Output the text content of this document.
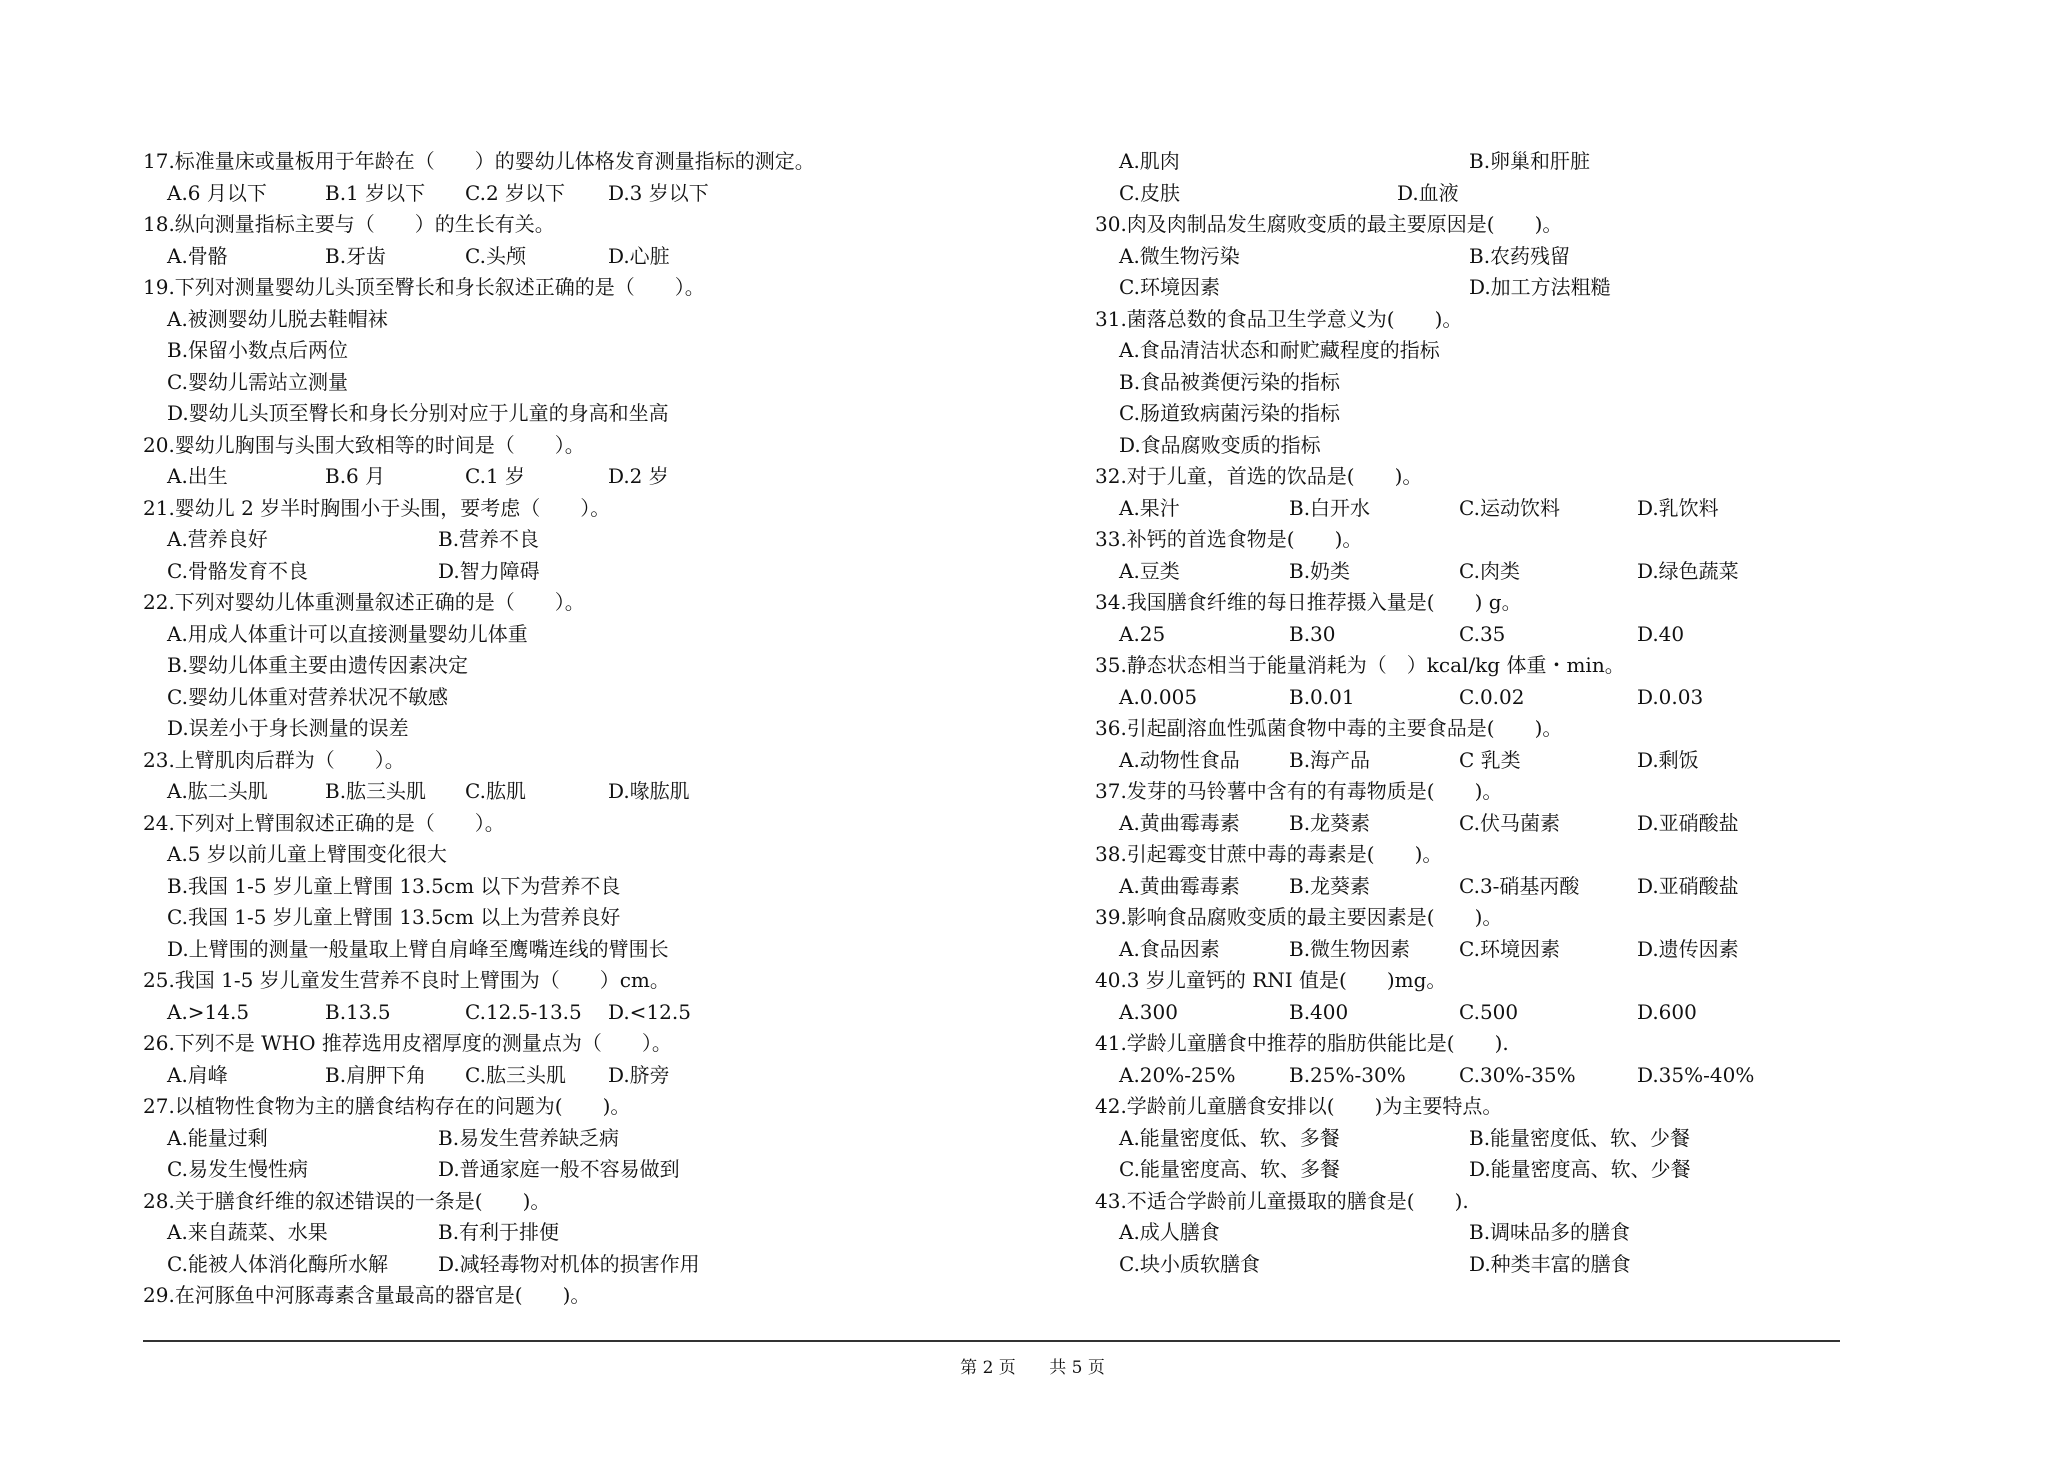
17.标准量床或量板用于年龄在（　　）的婴幼儿体格发育测量指标的测定。
A.6 月以下	B.1 岁以下 C.2 岁以下 D.3 岁以下
18.纵向测量指标主要与（　　）的生长有关。
A.骨骼	B.牙齿	C.头颅	D.心脏
19.下列对测量婴幼儿头顶至臀长和身长叙述正确的是（　　）。
A.被测婴幼儿脱去鞋帽袜
B.保留小数点后两位
C.婴幼儿需站立测量
D.婴幼儿头顶至臀长和身长分别对应于儿童的身高和坐高
20.婴幼儿胸围与头围大致相等的时间是（　　）。
A.出生	B.6 月	C.1 岁	D.2 岁
21.婴幼儿 2 岁半时胸围小于头围，要考虑（　　）。
A.营养良好	B.营养不良
C.骨骼发育不良	D.智力障碍
22.下列对婴幼儿体重测量叙述正确的是（　　）。
A.用成人体重计可以直接测量婴幼儿体重
B.婴幼儿体重主要由遗传因素决定
C.婴幼儿体重对营养状况不敏感
D.误差小于身长测量的误差
23.上臂肌肉后群为（　　）。
A.肱二头肌	B.肱三头肌 C.肱肌	D.喙肱肌
24.下列对上臂围叙述正确的是（　　）。
A.5 岁以前儿童上臂围变化很大
B.我国 1-5 岁儿童上臂围 13.5cm 以下为营养不良
C.我国 1-5 岁儿童上臂围 13.5cm 以上为营养良好
D.上臂围的测量一般量取上臂自肩峰至鹰嘴连线的臂围长
25.我国 1-5 岁儿童发生营养不良时上臂围为（　　）cm。
A.>14.5	B.13.5	C.12.5-13.5 D.<12.5
26.下列不是 WHO 推荐选用皮褶厚度的测量点为（　　）。
A.肩峰	B.肩胛下角 C.肱三头肌 D.脐旁
27.以植物性食物为主的膳食结构存在的问题为(　　)。
A.能量过剩	B.易发生营养缺乏病
C.易发生慢性病	D.普通家庭一般不容易做到
28.关于膳食纤维的叙述错误的一条是(　　)。
A.来自蔬菜、水果	B.有利于排便
C.能被人体消化酶所水解	D.减轻毒物对机体的损害作用
29.在河豚鱼中河豚毒素含量最高的器官是(　　)。
A.肌肉	B.卵巢和肝脏
C.皮肤	D.血液
30.肉及肉制品发生腐败变质的最主要原因是(　　)。
A.微生物污染	B.农药残留
C.环境因素	D.加工方法粗糙
31.菌落总数的食品卫生学意义为(　　)。
A.食品清洁状态和耐贮藏程度的指标
B.食品被粪便污染的指标
C.肠道致病菌污染的指标
D.食品腐败变质的指标
32.对于儿童，首选的饮品是(　　)。
A.果汁	B.白开水	C.运动饮料	D.乳饮料
33.补钙的首选食物是(　　)。
A.豆类	B.奶类	C.肉类	D.绿色蔬菜
34.我国膳食纤维的每日推荐摄入量是(　　) g。
A.25	B.30	C.35	D.40
35.静态状态相当于能量消耗为（　）kcal/kg 体重・min。
A.0.005	B.0.01	C.0.02	D.0.03
36.引起副溶血性弧菌食物中毒的主要食品是(　　)。
A.动物性食品 B.海产品	C 乳类	D.剩饭
37.发芽的马铃薯中含有的有毒物质是(　　)。
A.黄曲霉毒素 B.龙葵素	C.伏马菌素	D.亚硝酸盐
38.引起霉变甘蔗中毒的毒素是(　　)。
A.黄曲霉毒素 B.龙葵素	C.3-硝基丙酸	D.亚硝酸盐
39.影响食品腐败变质的最主要因素是(　　)。
A.食品因素	B.微生物因素 C.环境因素	D.遗传因素
40.3 岁儿童钙的 RNI 值是(　　)mg。
A.300	B.400	C.500	D.600
41.学龄儿童膳食中推荐的脂肪供能比是(　　).
A.20%-25%	B.25%-30%	C.30%-35%	D.35%-40%
42.学龄前儿童膳食安排以(　　)为主要特点。
A.能量密度低、软、多餐	B.能量密度低、软、少餐
C.能量密度高、软、多餐	D.能量密度高、软、少餐
43.不适合学龄前儿童摄取的膳食是(　　).
A.成人膳食	B.调味品多的膳食
C.块小质软膳食	D.种类丰富的膳食
第 2 页 共 5 页
